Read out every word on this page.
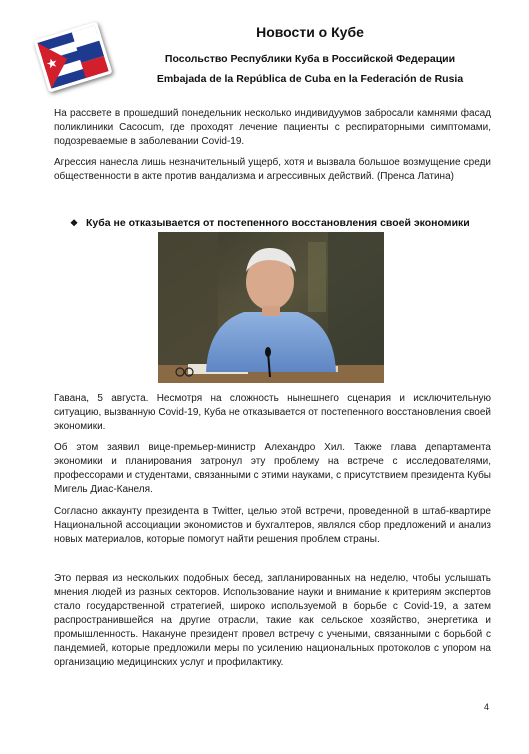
Новости о Кубе
Посольство Республики Куба в Российской Федерации
Embajada de la República de Cuba en la Federación de Rusia

На рассвете в прошедший понедельник несколько индивидуумов забросали камнями фасад поликлиники Cacocum, где проходят лечение пациенты с респираторными симптомами, подозреваемые в заболевании Covid-19.

Агрессия нанесла лишь незначительный ущерб, хотя и вызвала большое возмущение среди общественности в акте против вандализма и агрессивных действий. (Пренса Латина)

❖ Куба не отказывается от постепенного восстановления своей экономики

Гавана, 5 августа. Несмотря на сложность нынешнего сценария и исключительную ситуацию, вызванную Covid-19, Куба не отказывается от постепенного восстановления своей экономики.

Об этом заявил вице-премьер-министр Алехандро Хил. Также глава департамента экономики и планирования затронул эту проблему на встрече с исследователями, профессорами и студентами, связанными с этими науками, с присутствием президента Кубы Мигель Диас-Канеля.

Согласно аккаунту президента в Twitter, целью этой встречи, проведенной в штаб-квартире Национальной ассоциации экономистов и бухгалтеров, являлся сбор предложений и анализ новых материалов, которые помогут найти решения проблем страны.

Это первая из нескольких подобных бесед, запланированных на неделю, чтобы услышать мнения людей из разных секторов. Использование науки и внимание к критериям экспертов стало государственной стратегией, широко используемой в борьбе с Covid-19, а затем распространившейся на другие отрасли, такие как сельское хозяйство, энергетика и промышленность. Накануне президент провел встречу с учеными, связанными с борьбой с пандемией, которые предложили меры по усилению национальных протоколов с упором на организацию медицинских услуг и профилактику.

4
